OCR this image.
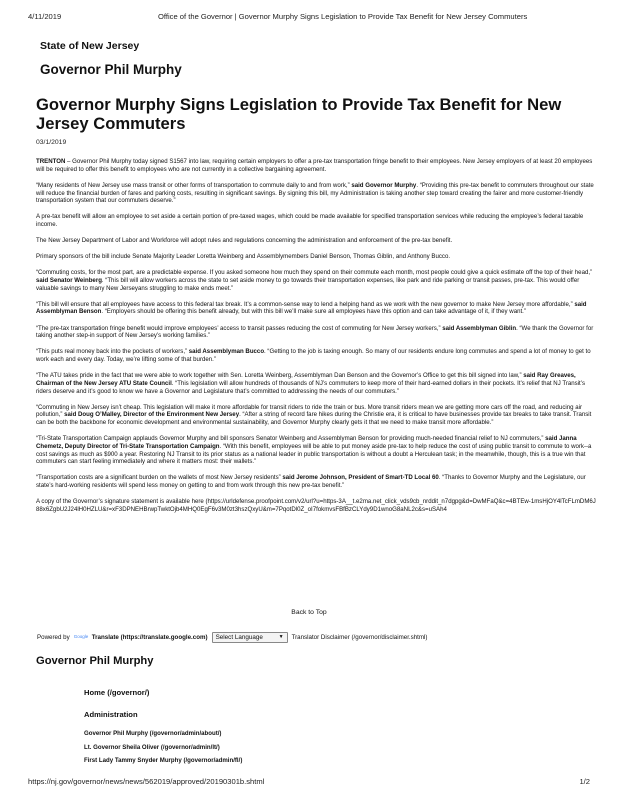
4/11/2019	Office of the Governor | Governor Murphy Signs Legislation to Provide Tax Benefit for New Jersey Commuters
State of New Jersey
Governor Phil Murphy
Governor Murphy Signs Legislation to Provide Tax Benefit for New Jersey Commuters
03/1/2019

TRENTON – Governor Phil Murphy today signed S1567 into law, requiring certain employers to offer a pre-tax transportation fringe benefit to their employees. New Jersey employers of at least 20 employees will be required to offer this benefit to employees who are not currently in a collective bargaining agreement.

“Many residents of New Jersey use mass transit or other forms of transportation to commute daily to and from work,” said Governor Murphy. “Providing this pre-tax benefit to commuters throughout our state will reduce the financial burden of fares and parking costs, resulting in significant savings. By signing this bill, my Administration is taking another step toward creating the fairer and more customer-friendly transportation system that our commuters deserve.”

A pre-tax benefit will allow an employee to set aside a certain portion of pre-taxed wages, which could be made available for specified transportation services while reducing the employee’s federal taxable income.

The New Jersey Department of Labor and Workforce will adopt rules and regulations concerning the administration and enforcement of the pre-tax benefit.

Primary sponsors of the bill include Senate Majority Leader Loretta Weinberg and Assemblymembers Daniel Benson, Thomas Giblin, and Anthony Bucco.

“Commuting costs, for the most part, are a predictable expense. If you asked someone how much they spend on their commute each month, most people could give a quick estimate off the top of their head,” said Senator Weinberg. “This bill will allow workers across the state to set aside money to go towards their transportation expenses, like park and ride parking or transit passes, pre-tax. This would offer valuable savings to many New Jerseyans struggling to make ends meet.”

“This bill will ensure that all employees have access to this federal tax break. It’s a common-sense way to lend a helping hand as we work with the new governor to make New Jersey more affordable,” said Assemblyman Benson. “Employers should be offering this benefit already, but with this bill we’ll make sure all employees have this option and can take advantage of it, if they want.”

“The pre-tax transportation fringe benefit would improve employees’ access to transit passes reducing the cost of commuting for New Jersey workers,” said Assemblyman Giblin. “We thank the Governor for taking another step-in support of New Jersey’s working families.”

“This puts real money back into the pockets of workers,” said Assemblyman Bucco. “Getting to the job is taxing enough. So many of our residents endure long commutes and spend a lot of money to get to work each and every day. Today, we’re lifting some of that burden.”

“The ATU takes pride in the fact that we were able to work together with Sen. Loretta Weinberg, Assemblyman Dan Benson and the Governor’s Office to get this bill signed into law,” said Ray Greaves, Chairman of the New Jersey ATU State Council. “This legislation will allow hundreds of thousands of NJ’s commuters to keep more of their hard-earned dollars in their pockets. It’s relief that NJ Transit’s riders deserve and it’s good to know we have a Governor and Legislature that’s committed to addressing the needs of our commuters.”

“Commuting in New Jersey isn’t cheap. This legislation will make it more affordable for transit riders to ride the train or bus. More transit riders mean we are getting more cars off the road, and reducing air pollution,” said Doug O’Malley, Director of the Environment New Jersey. “After a string of record fare hikes during the Christie era, it is critical to have businesses provide tax breaks to take transit. Transit can be both the backbone for economic development and environmental sustainability, and Governor Murphy clearly gets it that we need to make transit more affordable.”

“Tri-State Transportation Campaign applauds Governor Murphy and bill sponsors Senator Weinberg and Assemblyman Benson for providing much-needed financial relief to NJ commuters,” said Janna Chemetz, Deputy Director of Tri-State Transportation Campaign. “With this benefit, employees will be able to put money aside pre-tax to help reduce the cost of using public transit to commute to work--a cost savings as much as $900 a year. Restoring NJ Transit to its prior status as a national leader in public transportation is without a doubt a Herculean task; in the meanwhile, though, this is a true win that commuters can start feeling immediately and where it matters most: their wallets.”

“Transportation costs are a significant burden on the wallets of most New Jersey residents” said Jerome Johnson, President of Smart-TD Local 60. “Thanks to Governor Murphy and the Legislature, our state’s hard-working residents will spend less money on getting to and from work through this new pre-tax benefit.”

A copy of the Governor’s signature statement is available here (https://urldefense.proofpoint.com/v2/url?u=https-3A__t.e2ma.net_click_vds9cb_nrddit_n7dgpg&d=DwMFaQ&c=4BTEw-1msHjOY4lTcFLmDM6J88x6ZgbU2J24lH0HZLU&r=xF3DPNEHBrwpTwktOjb4MHQ0EgF6v3M0zt3hszQxyU&m=7PqotDl0Z_oI7fokmvsFBfBzCLYdy9D1wnoG8aNL2c&s=uSAh4

Back to Top
Powered by Google Translate (https://translate.google.com) Select Language	▼ Translator Disclaimer (/governor/disclaimer.shtml)
Governor Phil Murphy
Home (/governor/)
Administration
Governor Phil Murphy (/governor/admin/about/)
Lt. Governor Sheila Oliver (/governor/admin/lt/)
First Lady Tammy Snyder Murphy (/governor/admin/fl/)
https://nj.gov/governor/news/news/562019/approved/20190301b.shtml	1/2
